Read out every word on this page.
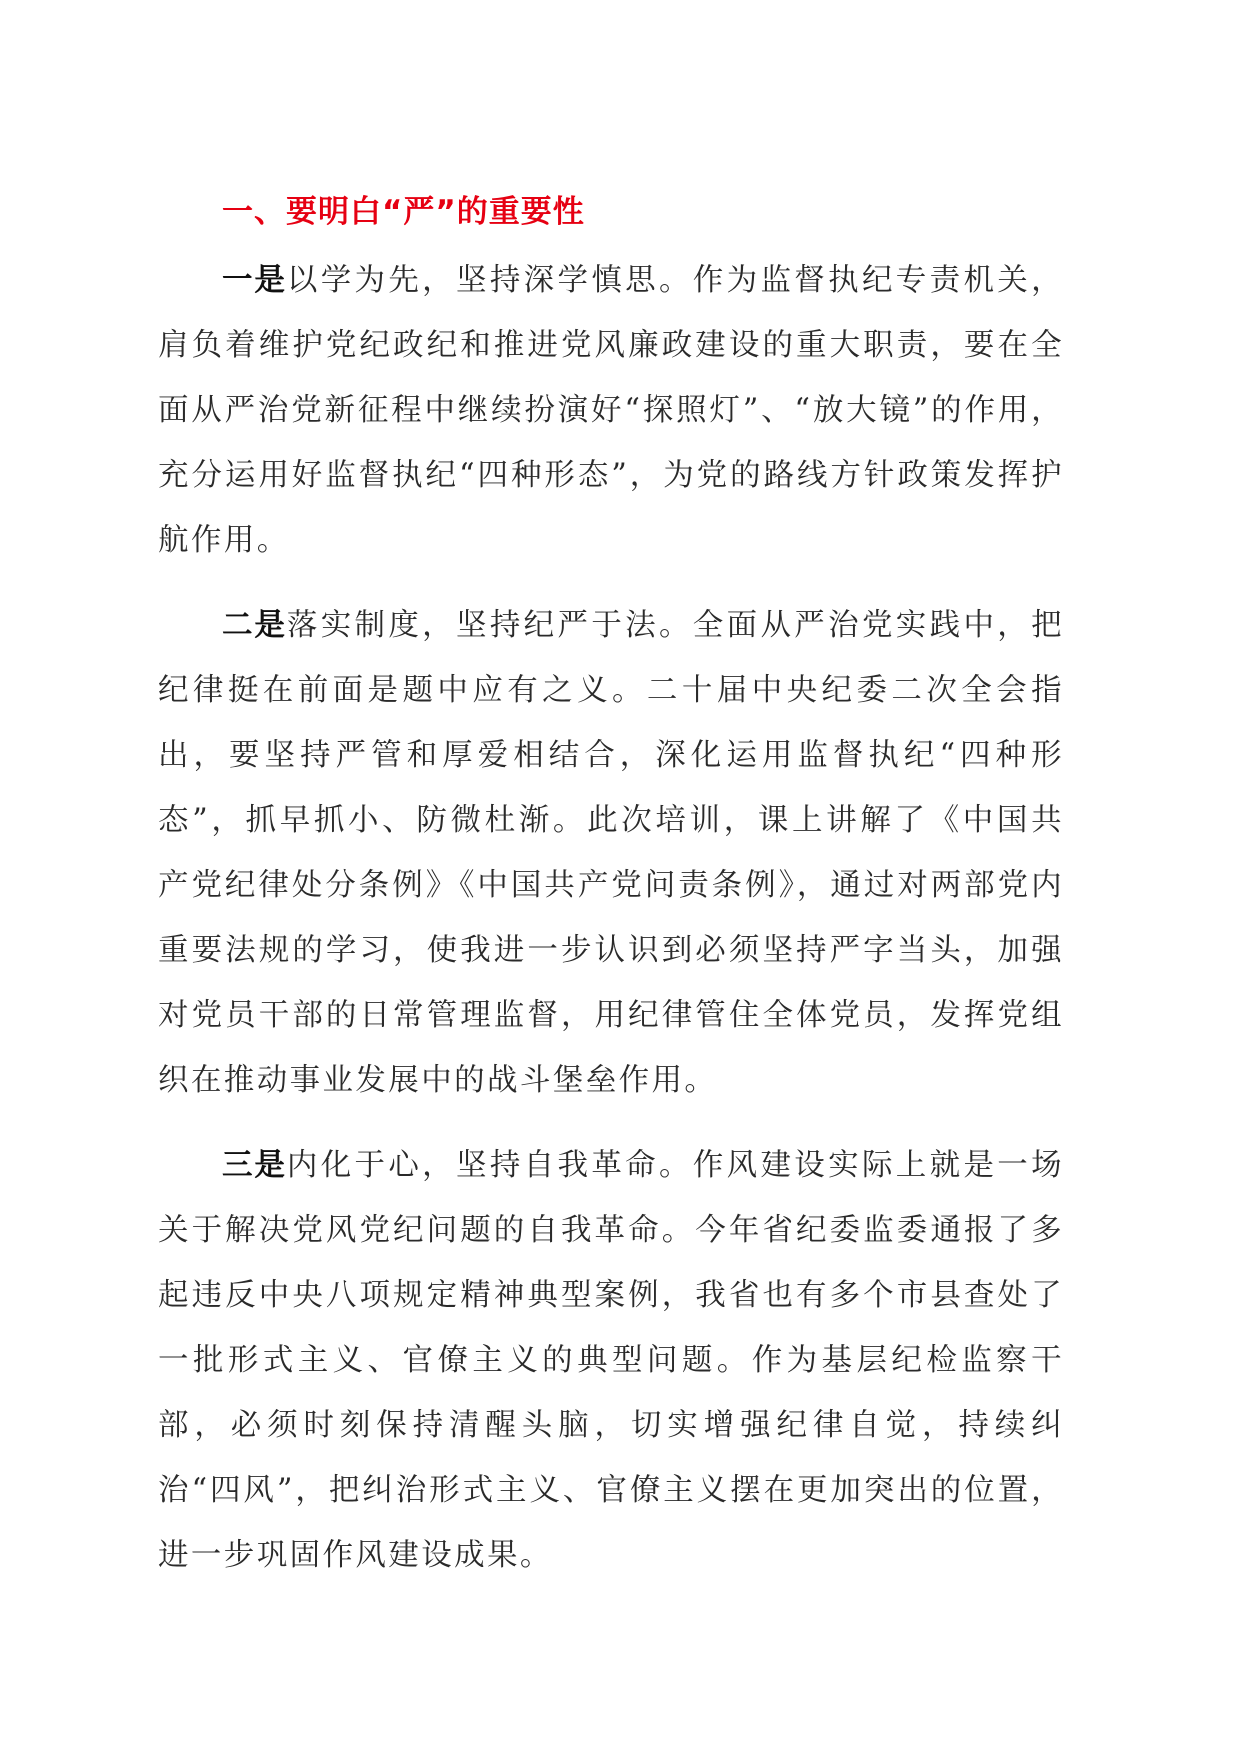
一、要明白“严”的重要性

一是以学为先，坚持深学慎思。作为监督执纪专责机关，肩负着维护党纪政纪和推进党风廉政建设的重大职责，要在全面从严治党新征程中继续扮演好“探照灯”、“放大镜”的作用，充分运用好监督执纪“四种形态”，为党的路线方针政策发挥护航作用。

二是落实制度，坚持纪严于法。全面从严治党实践中，把纪律挺在前面是题中应有之义。二十届中央纪委二次全会指出，要坚持严管和厚爱相结合，深化运用监督执纪“四种形态”，抓早抓小、防微杜渐。此次培训，课上讲解了《中国共产党纪律处分条例》《中国共产党问责条例》，通过对两部党内重要法规的学习，使我进一步认识到必须坚持严字当头，加强对党员干部的日常管理监督，用纪律管住全体党员，发挥党组织在推动事业发展中的战斗堡垒作用。

三是内化于心，坚持自我革命。作风建设实际上就是一场关于解决党风党纪问题的自我革命。今年省纪委监委通报了多起违反中央八项规定精神典型案例，我省也有多个市县查处了一批形式主义、官僚主义的典型问题。作为基层纪检监察干部，必须时刻保持清醒头脑，切实增强纪律自觉，持续纠治“四风”，把纠治形式主义、官僚主义摆在更加突出的位置，进一步巩固作风建设成果。
